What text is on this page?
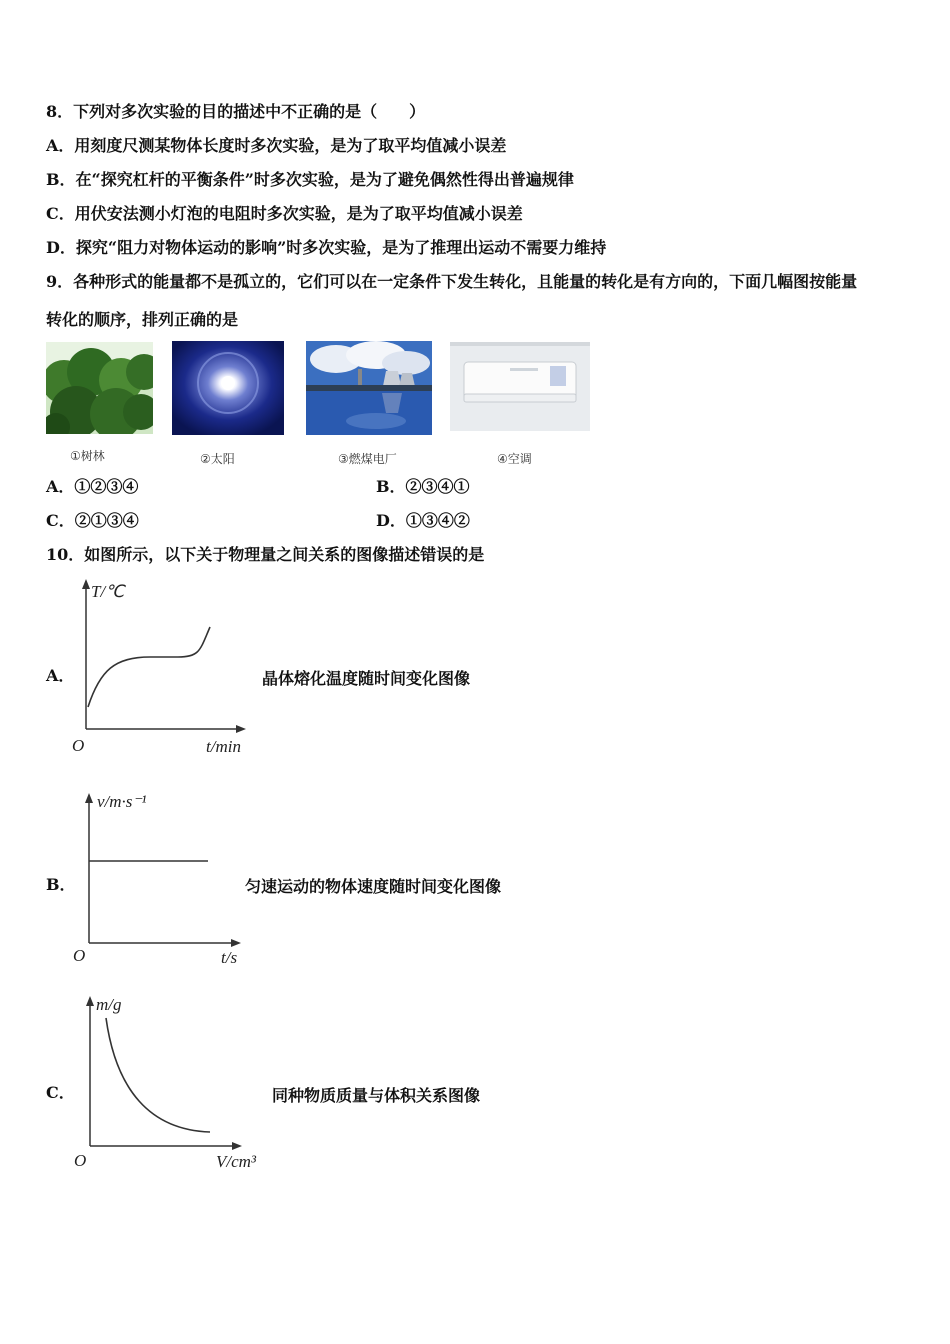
8．下列对多次实验的目的描述中不正确的是（　　）
A．用刻度尺测某物体长度时多次实验，是为了取平均值减小误差
B．在“探究杠杆的平衡条件”时多次实验，是为了避免偶然性得出普遍规律
C．用伏安法测小灯泡的电阻时多次实验，是为了取平均值减小误差
D．探究“阻力对物体运动的影响”时多次实验，是为了推理出运动不需要力维持
9．各种形式的能量都不是孤立的，它们可以在一定条件下发生转化，且能量的转化是有方向的，下面几幅图按能量
转化的顺序，排列正确的是
①树林	②太阳	③燃煤电厂	④空调
A．①②③④	B．②③④①
C．②①③④	D．①③④②
10．如图所示，以下关于物理量之间关系的图像描述错误的是
A．
T/℃
O	t/min
晶体熔化温度随时间变化图像
B．
v/m·s⁻¹
O	t/s
匀速运动的物体速度随时间变化图像
C．
m/g
O	V/cm³
同种物质质量与体积关系图像
